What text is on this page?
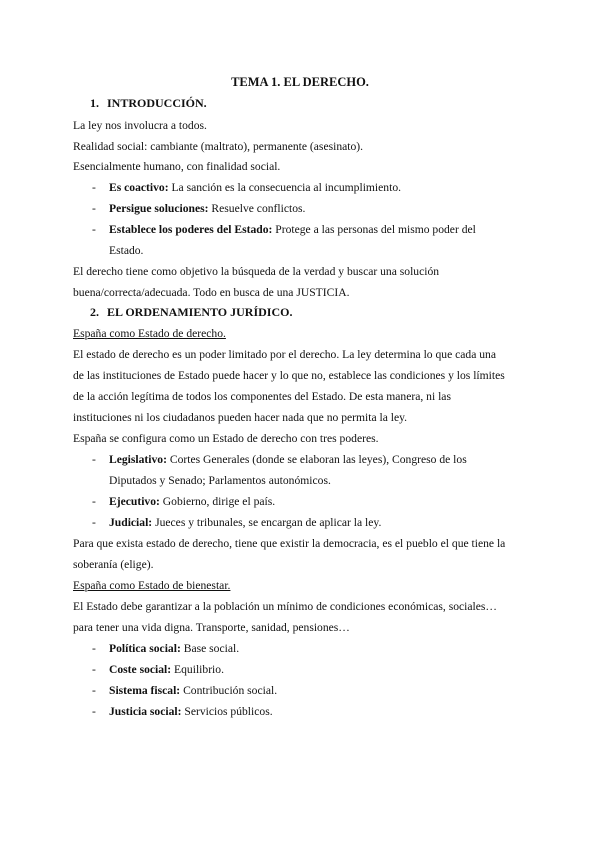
TEMA 1. EL DERECHO.
1. INTRODUCCIÓN.
La ley nos involucra a todos.
Realidad social: cambiante (maltrato), permanente (asesinato).
Esencialmente humano, con finalidad social.
- Es coactivo: La sanción es la consecuencia al incumplimiento.
- Persigue soluciones: Resuelve conflictos.
- Establece los poderes del Estado: Protege a las personas del mismo poder del
Estado.
El derecho tiene como objetivo la búsqueda de la verdad y buscar una solución
buena/correcta/adecuada. Todo en busca de una JUSTICIA.
2. EL ORDENAMIENTO JURÍDICO.
España como Estado de derecho.
El estado de derecho es un poder limitado por el derecho. La ley determina lo que cada una
de las instituciones de Estado puede hacer y lo que no, establece las condiciones y los límites
de la acción legítima de todos los componentes del Estado. De esta manera, ni las
instituciones ni los ciudadanos pueden hacer nada que no permita la ley.
España se configura como un Estado de derecho con tres poderes.
- Legislativo: Cortes Generales (donde se elaboran las leyes), Congreso de los
Diputados y Senado; Parlamentos autonómicos.
- Ejecutivo: Gobierno, dirige el país.
- Judicial: Jueces y tribunales, se encargan de aplicar la ley.
Para que exista estado de derecho, tiene que existir la democracia, es el pueblo el que tiene la
soberanía (elige).
España como Estado de bienestar.
El Estado debe garantizar a la población un mínimo de condiciones económicas, sociales…
para tener una vida digna. Transporte, sanidad, pensiones…
- Política social: Base social.
- Coste social: Equilibrio.
- Sistema fiscal: Contribución social.
- Justicia social: Servicios públicos.
